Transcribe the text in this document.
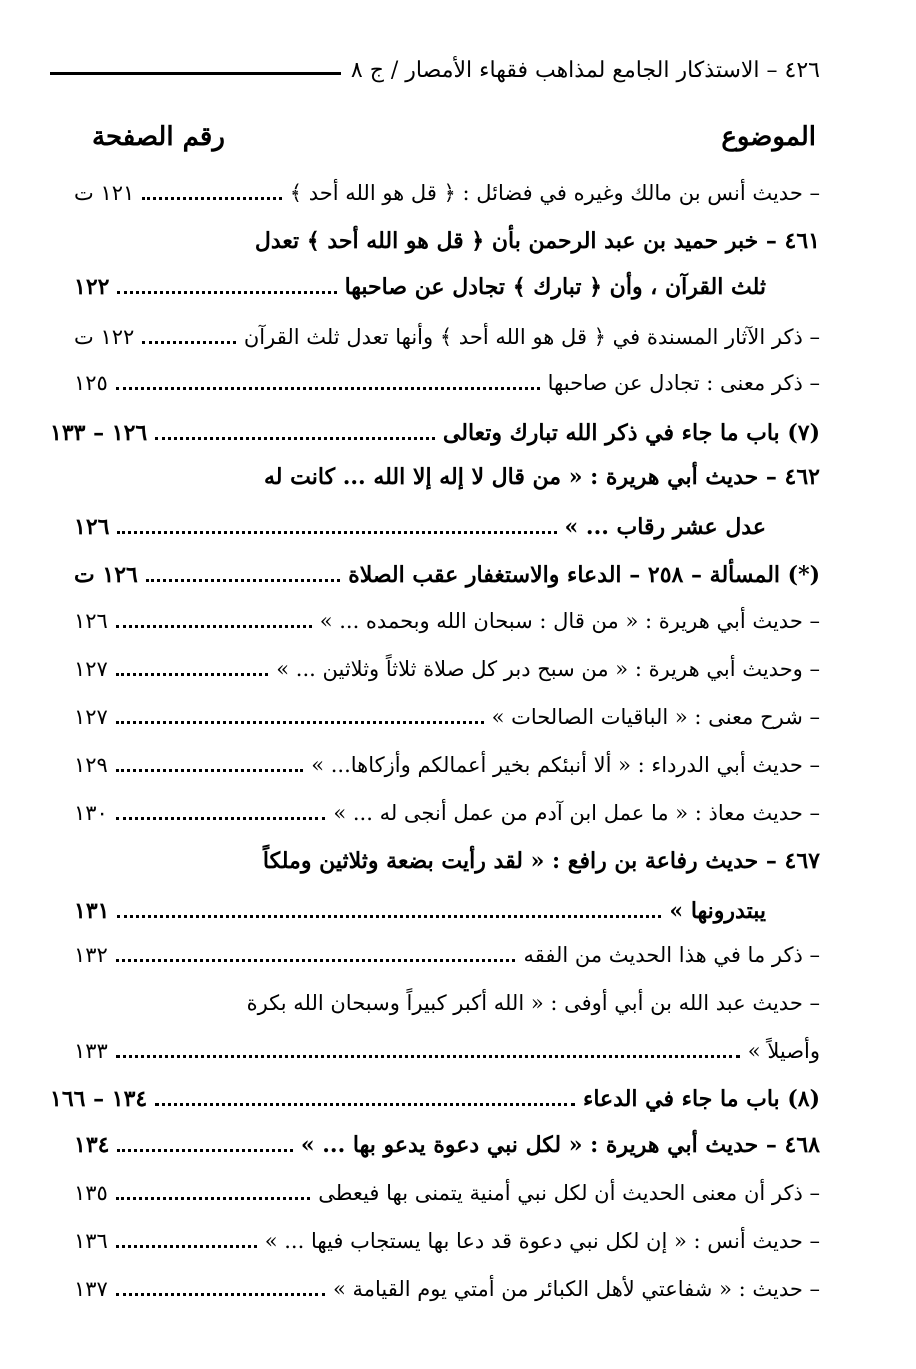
٤٢٦ – الاستذكار الجامع لمذاهب فقهاء الأمصار / ج ٨
الموضوع
رقم الصفحة
– حديث أنس بن مالك وغيره في فضائل : ﴿ قل هو الله أحد ﴾
١٢١ ت
٤٦١ – خبر حميد بن عبد الرحمن بأن ﴿ قل هو الله أحد ﴾ تعدل
ثلث القرآن ، وأن ﴿ تبارك ﴾ تجادل عن صاحبها
١٢٢
– ذكر الآثار المسندة في ﴿ قل هو الله أحد ﴾ وأنها تعدل ثلث القرآن
١٢٢ ت
– ذكر معنى : تجادل عن صاحبها
١٢٥
(٧) باب ما جاء في ذكر الله تبارك وتعالى
١٢٦ – ١٣٣
٤٦٢ – حديث أبي هريرة : « من قال لا إله إلا الله ... كانت له
عدل عشر رقاب ... »
١٢٦
(*) المسألة – ٢٥٨ – الدعاء والاستغفار عقب الصلاة
١٢٦ ت
– حديث أبي هريرة : « من قال : سبحان الله وبحمده ... »
١٢٦
– وحديث أبي هريرة : « من سبح دبر كل صلاة ثلاثاً وثلاثين ... »
١٢٧
– شرح معنى : « الباقيات الصالحات »
١٢٧
– حديث أبي الدرداء : « ألا أنبئكم بخير أعمالكم وأزكاها... »
١٢٩
– حديث معاذ : « ما عمل ابن آدم من عمل أنجى له ... »
١٣٠
٤٦٧ – حديث رفاعة بن رافع : « لقد رأيت بضعة وثلاثين وملكاً
يبتدرونها »
١٣١
– ذكر ما في هذا الحديث من الفقه
١٣٢
– حديث عبد الله بن أبي أوفى : « الله أكبر كبيراً وسبحان الله بكرة
وأصيلاً »
١٣٣
(٨) باب ما جاء في الدعاء
١٣٤ – ١٦٦
٤٦٨ – حديث أبي هريرة : « لكل نبي دعوة يدعو بها ... »
١٣٤
– ذكر أن معنى الحديث أن لكل نبي أمنية يتمنى بها فيعطى
١٣٥
– حديث أنس : « إن لكل نبي دعوة قد دعا بها يستجاب فيها ... »
١٣٦
– حديث : « شفاعتي لأهل الكبائر من أمتي يوم القيامة »
١٣٧
